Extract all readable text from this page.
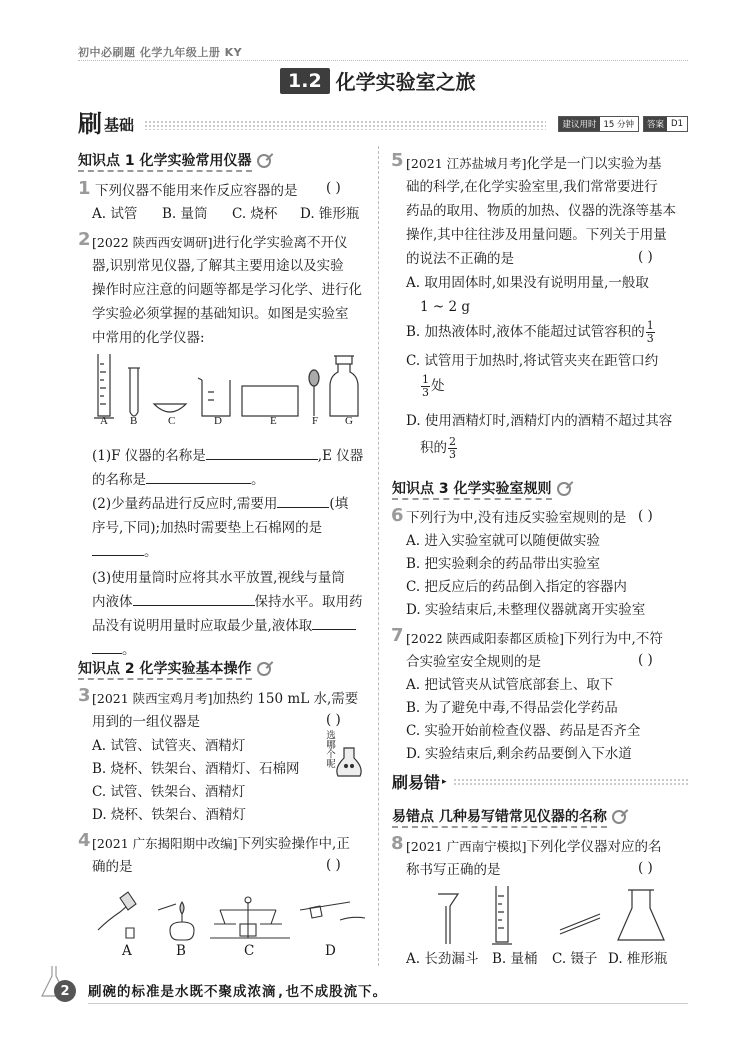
初中必刷题 化学九年级上册 KY
1.2 化学实验室之旅
刷 基础	建议用时 15 分钟	答案 D1
知识点 1 化学实验常用仪器
1 下列仪器不能用来作反应容器的是 ( )
A. 试管 B. 量筒 C. 烧杯 D. 锥形瓶
2 [2022 陕西西安调研]进行化学实验离不开仪
器,识别常见仪器,了解其主要用途以及实验
操作时应注意的问题等都是学习化学、进行化
学实验必须掌握的基础知识。如图是实验室
中常用的化学仪器:
A B	C	D	E	F G
(1)F 仪器的名称是	,E 仪器
的名称是	。
(2)少量药品进行反应时,需要用	(填
序号,下同);加热时需要垫上石棉网的是
。
(3)使用量筒时应将其水平放置,视线与量筒
内液体	保持水平。取用药
品没有说明用量时应取最少量,液体取
。
知识点 2 化学实验基本操作
3 [2021 陕西宝鸡月考]加热约 150 mL 水,需要
用到的一组仪器是	( )
A. 试管、试管夹、酒精灯
B. 烧杯、铁架台、酒精灯、石棉网
C. 试管、铁架台、酒精灯
D. 烧杯、铁架台、酒精灯
选哪个呢
4 [2021 广东揭阳期中改编]下列实验操作中,正
确的是	( )
A	B	C	D
5 [2021 江苏盐城月考]化学是一门以实验为基
础的科学,在化学实验室里,我们常常要进行
药品的取用、物质的加热、仪器的洗涤等基本
操作,其中往往涉及用量问题。下列关于用量
的说法不正确的是	( )
A. 取用固体时,如果没有说明用量,一般取
1 ~ 2 g
B. 加热液体时,液体不能超过试管容积的 $\frac{1}{3}$
C. 试管用于加热时,将试管夹夹在距管口约
$\frac{1}{3}$ 处
D. 使用酒精灯时,酒精灯内的酒精不超过其容
积的 $\frac{2}{3}$
知识点 3 化学实验室规则
6 下列行为中,没有违反实验室规则的是 ( )
A. 进入实验室就可以随便做实验
B. 把实验剩余的药品带出实验室
C. 把反应后的药品倒入指定的容器内
D. 实验结束后,未整理仪器就离开实验室
7 [2022 陕西咸阳泰都区质检]下列行为中,不符
合实验室安全规则的是	( )
A. 把试管夹从试管底部套上、取下
B. 为了避免中毒,不得品尝化学药品
C. 实验开始前检查仪器、药品是否齐全
D. 实验结束后,剩余药品要倒入下水道
刷易错 ▸
易错点 几种易写错常见仪器的名称
8 [2021 广西南宁模拟]下列化学仪器对应的名
称书写正确的是	( )
A. 长劲漏斗 B. 量桶 C. 镊子 D. 椎形瓶
2	刷碗的标准是水既不聚成浓滴,也不成股流下。
